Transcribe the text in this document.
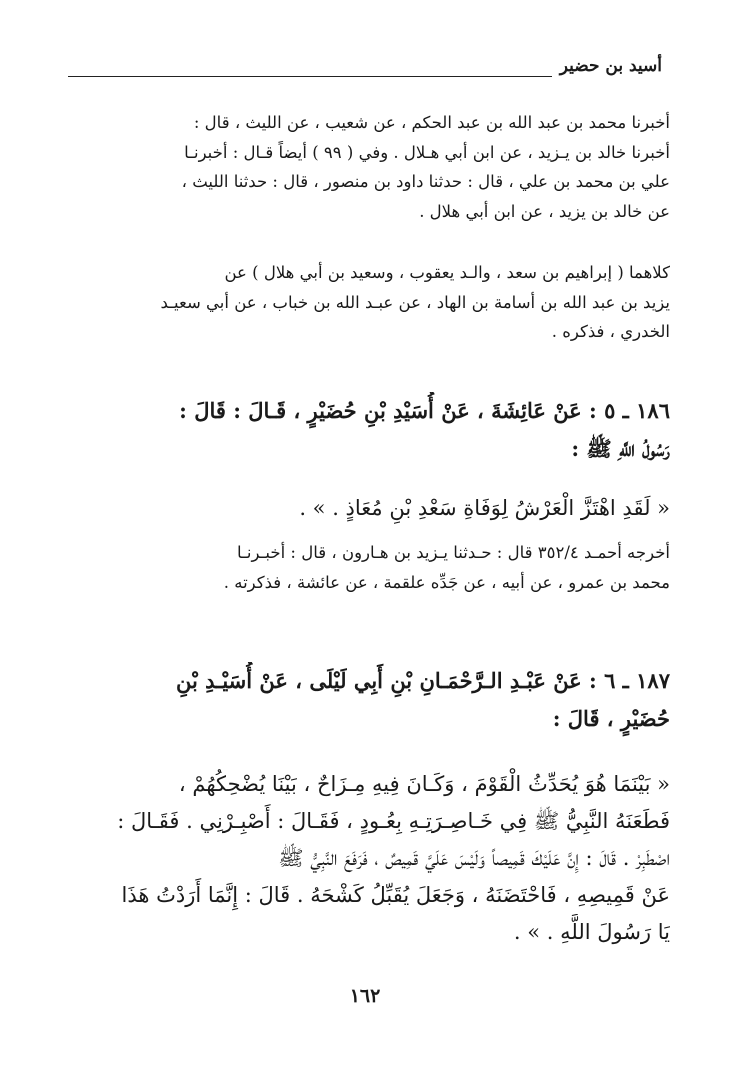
أسيد بن حضير

أخبرنا محمد بن عبد الله بن عبد الحكم ، عن شعيب ، عن الليث ، قال :
أخبرنا خالد بن يـزيد ، عن ابن أبي هـلال . وفي ( ٩٩ ) أيضاً قـال : أخبرنـا
علي بن محمد بن علي ، قال : حدثنا داود بن منصور ، قال : حدثنا الليث ،
عن خالد بن يزيد ، عن ابن أبي هلال .

كلاهما ( إبراهيم بن سعد ، والـد يعقوب ، وسعيد بن أبي هلال ) عن
يزيد بن عبد الله بن أسامة بن الهاد ، عن عبـد الله بن خباب ، عن أبي سعيـد
الخدري ، فذكره .

١٨٦ ـ ٥ : عَنْ عَائِشَةَ ، عَنْ أُسَيْدِ بْنِ حُضَيْرٍ ، قَـالَ : قَالَ :
رَسُولُ اللَّهِ ﷺ :

« لَقَدِ اهْتَزَّ الْعَرْشُ لِوَفَاةِ سَعْدِ بْنِ مُعَاذٍ . » .

أخرجه أحمـد ٣٥٢/٤ قال : حـدثنا يـزيد بن هـارون ، قال : أخبـرنـا
محمد بن عمرو ، عن أبيه ، عن جَدِّه علقمة ، عن عائشة ، فذكرته .

١٨٧ ـ ٦ : عَنْ عَبْـدِ الـرَّحْمَـانِ بْنِ أَبِي لَيْلَى ، عَنْ أُسَيْـدِ بْنِ
حُضَيْرٍ ، قَالَ :

« بَيْنَمَا هُوَ يُحَدِّثُ الْقَوْمَ ، وَكَـانَ فِيهِ مِـزَاحٌ ، بَيْنَا يُضْحِكُهُمْ ،
فَطَعَنَهُ النَّبِيُّ ﷺ فِي خَـاصِـرَتِـهِ بِعُـودٍ ، فَقَـالَ : أَصْبِـرْنِي . فَقَـالَ :
اصْطَبِرْ . قَالَ : إِنَّ عَلَيْكَ قَمِيصاً وَلَيْسَ عَلَيَّ قَمِيصٌ ، فَرَفَعَ النَّبِيُّ ﷺ
عَنْ قَمِيصِهِ ، فَاحْتَضَنَهُ ، وَجَعَلَ يُقَبِّلُ كَشْحَهُ . قَالَ : إِنَّمَا أَرَدْتُ هَذَا
يَا رَسُولَ اللَّهِ . » .

١٦٢
